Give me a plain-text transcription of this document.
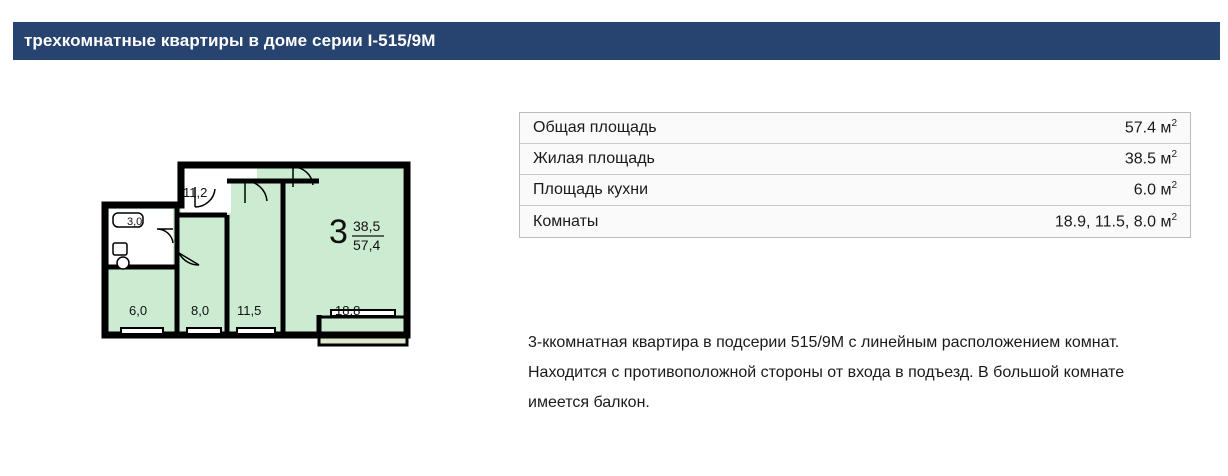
трехкомнатные квартиры в доме серии I-515/9М
11,2
3,0
6,0	8,0 11,5	18,8
3 38,5
57,4
Общая площадь	57.4 $м^2$
Жилая площадь	38.5 $м^2$
Площадь кухни	6.0 $м^2$
Комнаты	18.9, 11.5, 8.0 $м^2$
3-ккомнатная квартира в подсерии 515/9М с линейным расположением комнат. Находится с противоположной стороны от входа в подъезд. В большой комнате имеется балкон.
